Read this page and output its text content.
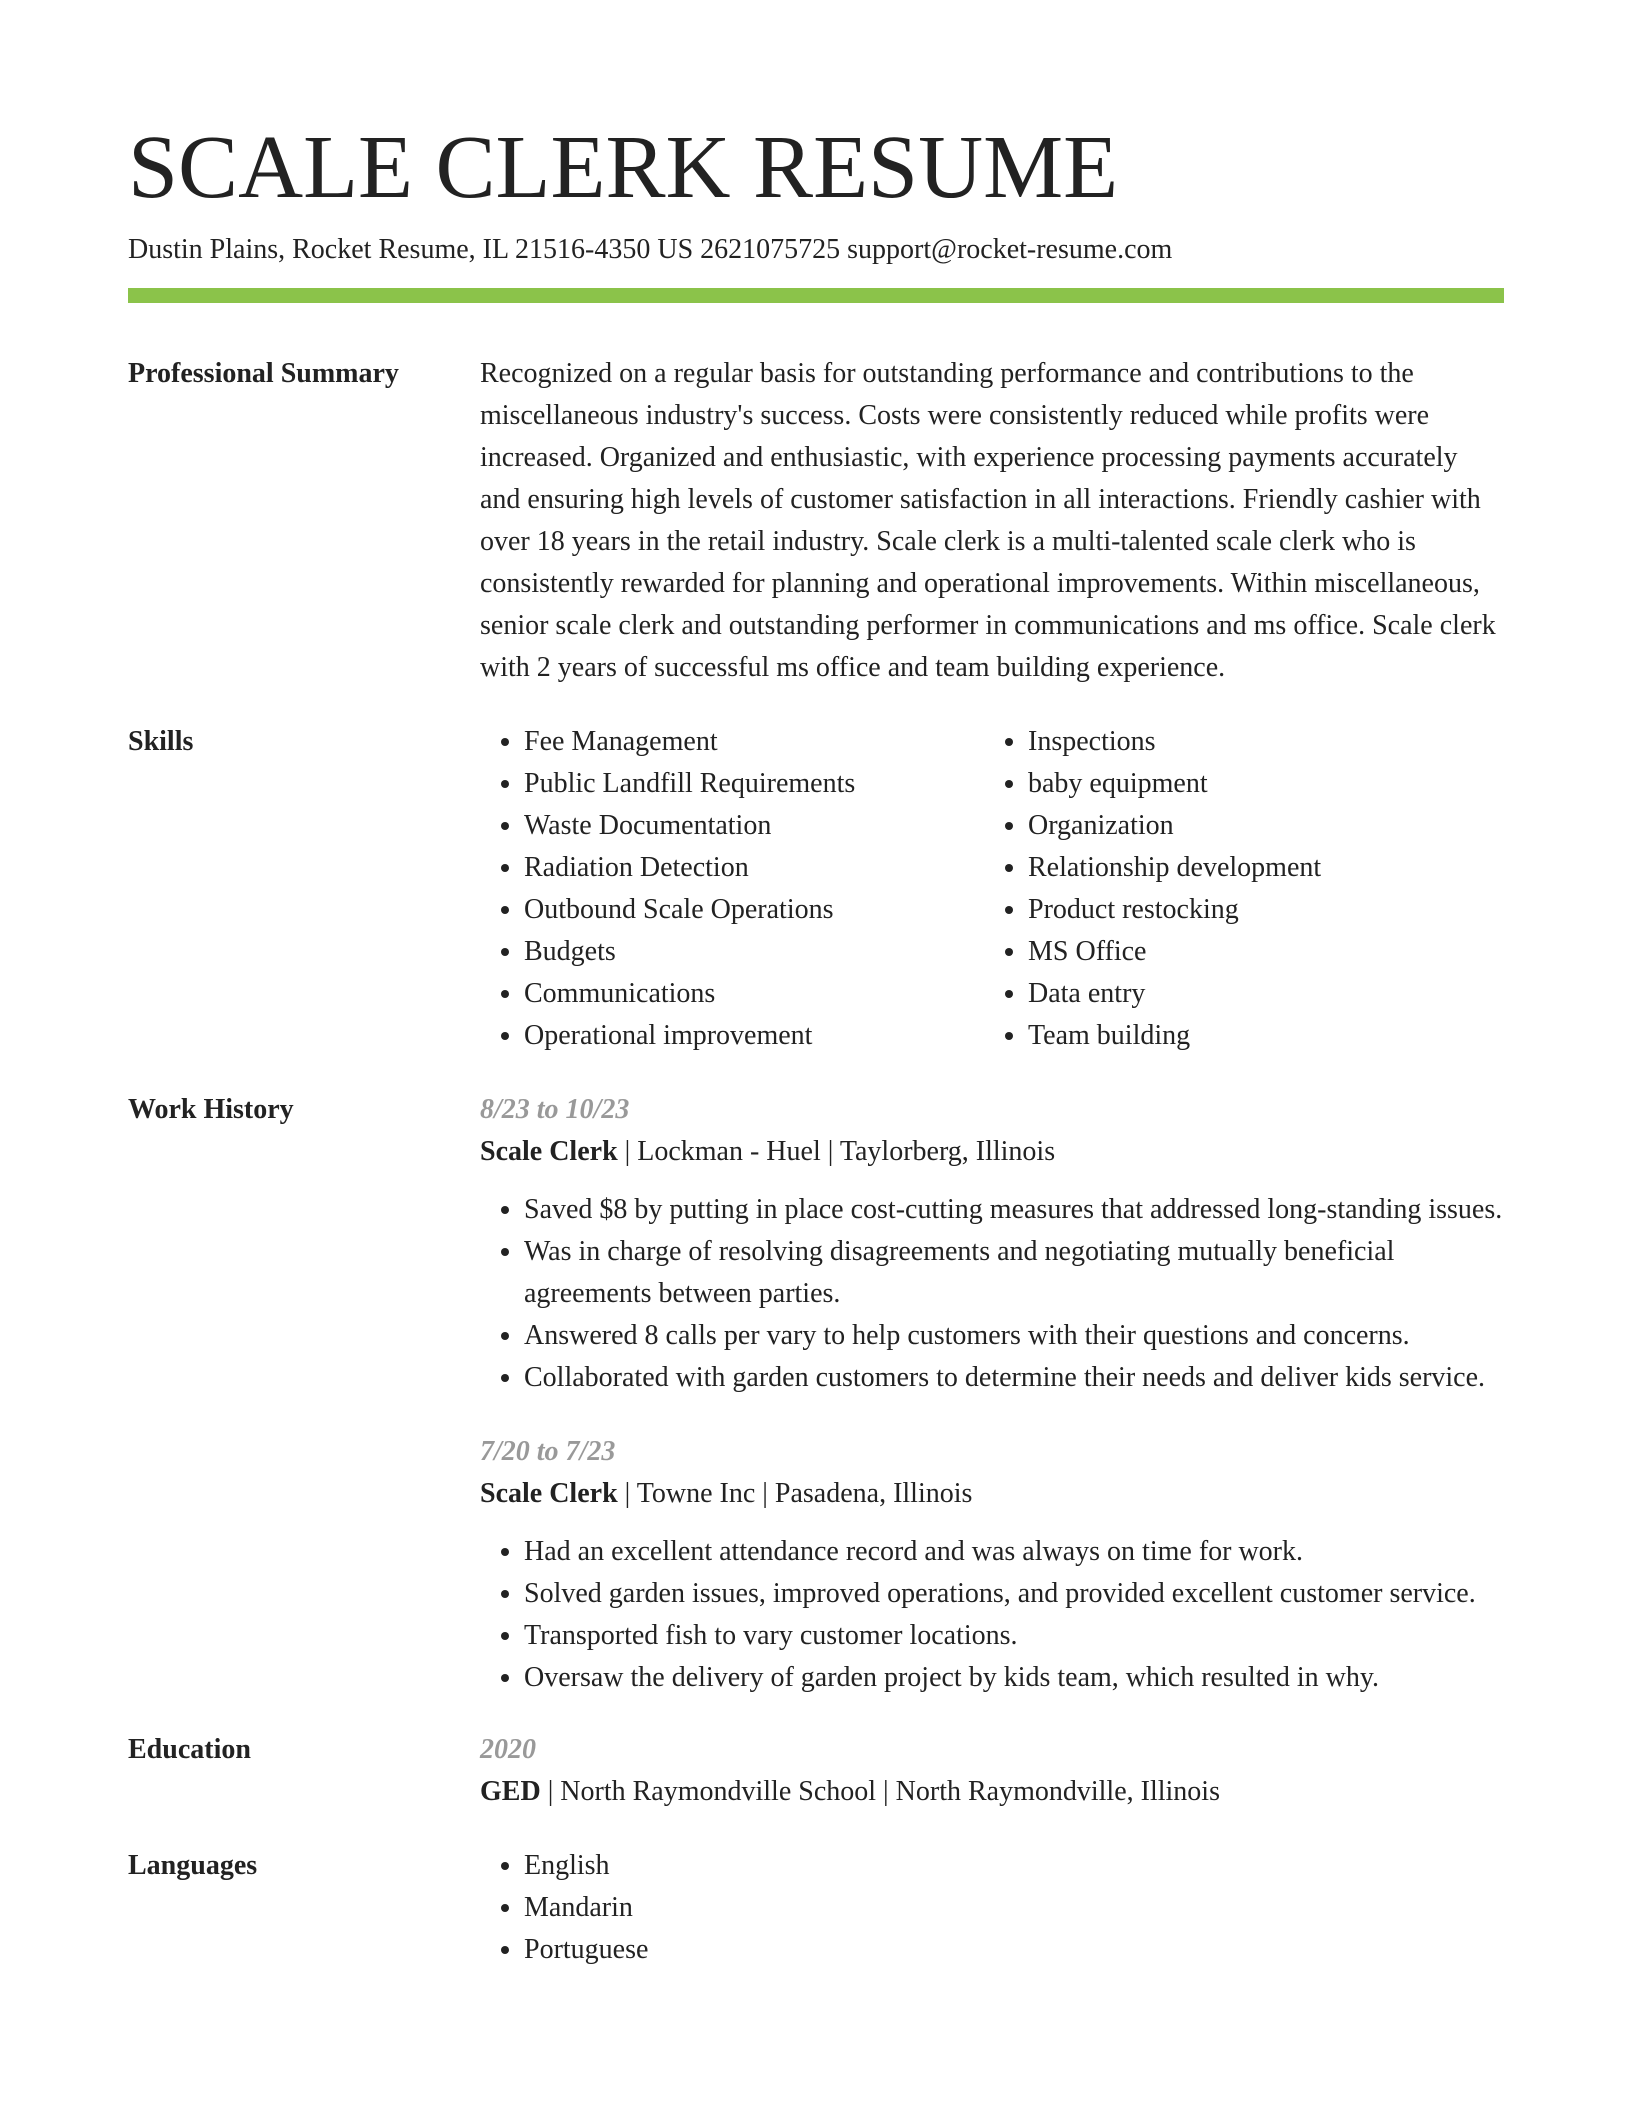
SCALE CLERK RESUME
Dustin Plains, Rocket Resume, IL 21516-4350 US 2621075725 support@rocket-resume.com
Professional Summary	Recognized on a regular basis for outstanding performance and contributions to the miscellaneous industry's success. Costs were consistently reduced while profits were increased. Organized and enthusiastic, with experience processing payments accurately and ensuring high levels of customer satisfaction in all interactions. Friendly cashier with over 18 years in the retail industry. Scale clerk is a multi-talented scale clerk who is consistently rewarded for planning and operational improvements. Within miscellaneous, senior scale clerk and outstanding performer in communications and ms office. Scale clerk with 2 years of successful ms office and team building experience.
Skills	• Fee Management
• Public Landfill Requirements
• Waste Documentation
• Radiation Detection
• Outbound Scale Operations
• Budgets
• Communications
• Operational improvement
• Inspections
• baby equipment
• Organization
• Relationship development
• Product restocking
• MS Office
• Data entry
• Team building
Work History	8/23 to 10/23
Scale Clerk | Lockman - Huel | Taylorberg, Illinois
• Saved $8 by putting in place cost-cutting measures that addressed long-standing issues.
• Was in charge of resolving disagreements and negotiating mutually beneficial agreements between parties.
• Answered 8 calls per vary to help customers with their questions and concerns.
• Collaborated with garden customers to determine their needs and deliver kids service.
7/20 to 7/23
Scale Clerk | Towne Inc | Pasadena, Illinois
• Had an excellent attendance record and was always on time for work.
• Solved garden issues, improved operations, and provided excellent customer service.
• Transported fish to vary customer locations.
• Oversaw the delivery of garden project by kids team, which resulted in why.
Education	2020
GED | North Raymondville School | North Raymondville, Illinois
Languages	• English
• Mandarin
• Portuguese
